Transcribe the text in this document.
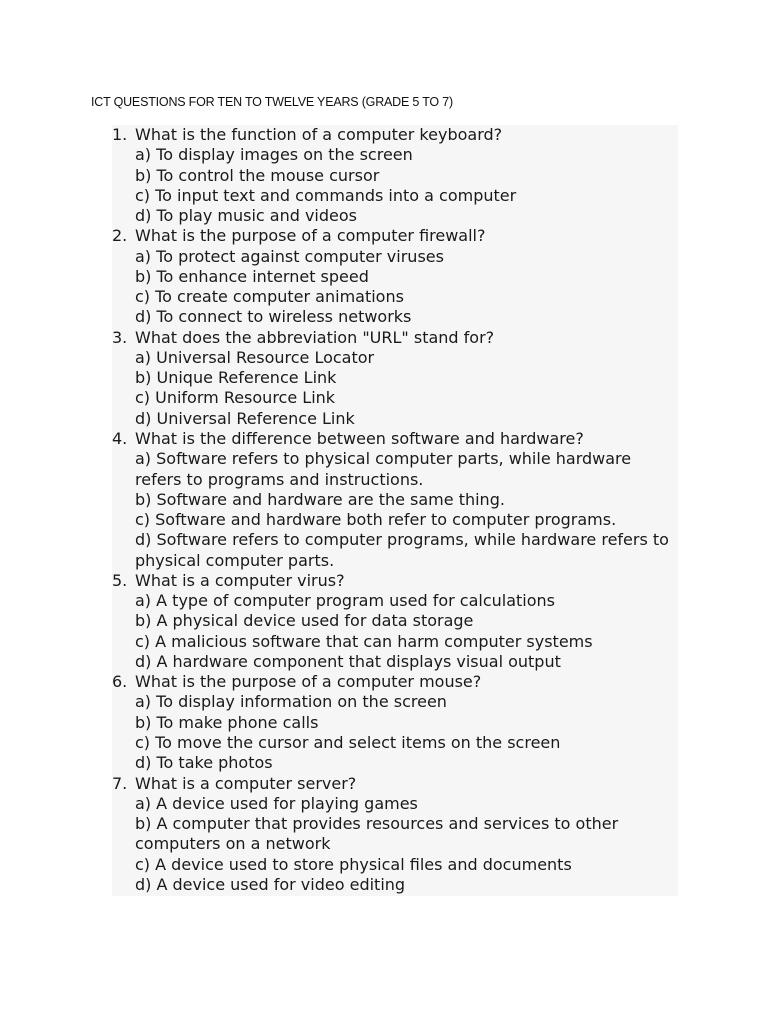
ICT QUESTIONS FOR TEN TO TWELVE YEARS (GRADE 5 TO 7)
1. What is the function of a computer keyboard?
a) To display images on the screen
b) To control the mouse cursor
c) To input text and commands into a computer
d) To play music and videos
2. What is the purpose of a computer firewall?
a) To protect against computer viruses
b) To enhance internet speed
c) To create computer animations
d) To connect to wireless networks
3. What does the abbreviation "URL" stand for?
a) Universal Resource Locator
b) Unique Reference Link
c) Uniform Resource Link
d) Universal Reference Link
4. What is the difference between software and hardware?
a) Software refers to physical computer parts, while hardware refers to programs and instructions.
b) Software and hardware are the same thing.
c) Software and hardware both refer to computer programs.
d) Software refers to computer programs, while hardware refers to physical computer parts.
5. What is a computer virus?
a) A type of computer program used for calculations
b) A physical device used for data storage
c) A malicious software that can harm computer systems
d) A hardware component that displays visual output
6. What is the purpose of a computer mouse?
a) To display information on the screen
b) To make phone calls
c) To move the cursor and select items on the screen
d) To take photos
7. What is a computer server?
a) A device used for playing games
b) A computer that provides resources and services to other computers on a network
c) A device used to store physical files and documents
d) A device used for video editing
